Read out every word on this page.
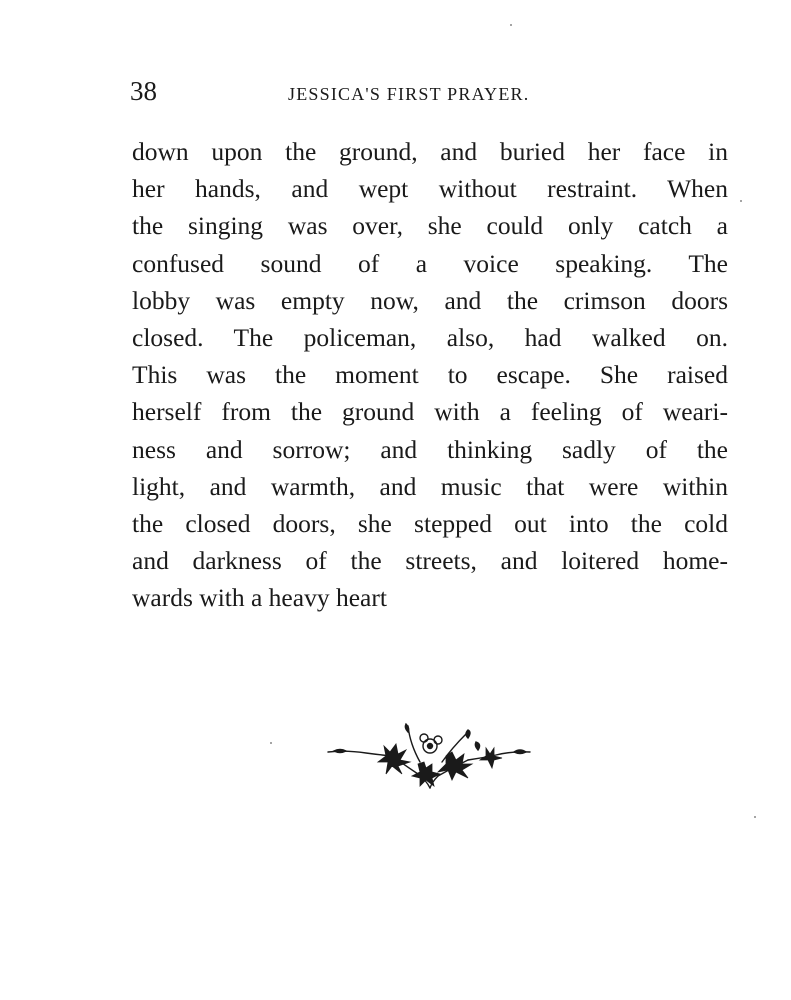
38	JESSICA'S FIRST PRAYER.
down upon the ground, and buried her face in
her hands, and wept without restraint. When
the singing was over, she could only catch a
confused sound of a voice speaking. The
lobby was empty now, and the crimson doors
closed. The policeman, also, had walked on.
This was the moment to escape. She raised
herself from the ground with a feeling of weari-
ness and sorrow; and thinking sadly of the
light, and warmth, and music that were within
the closed doors, she stepped out into the cold
and darkness of the streets, and loitered home-
wards with a heavy heart
